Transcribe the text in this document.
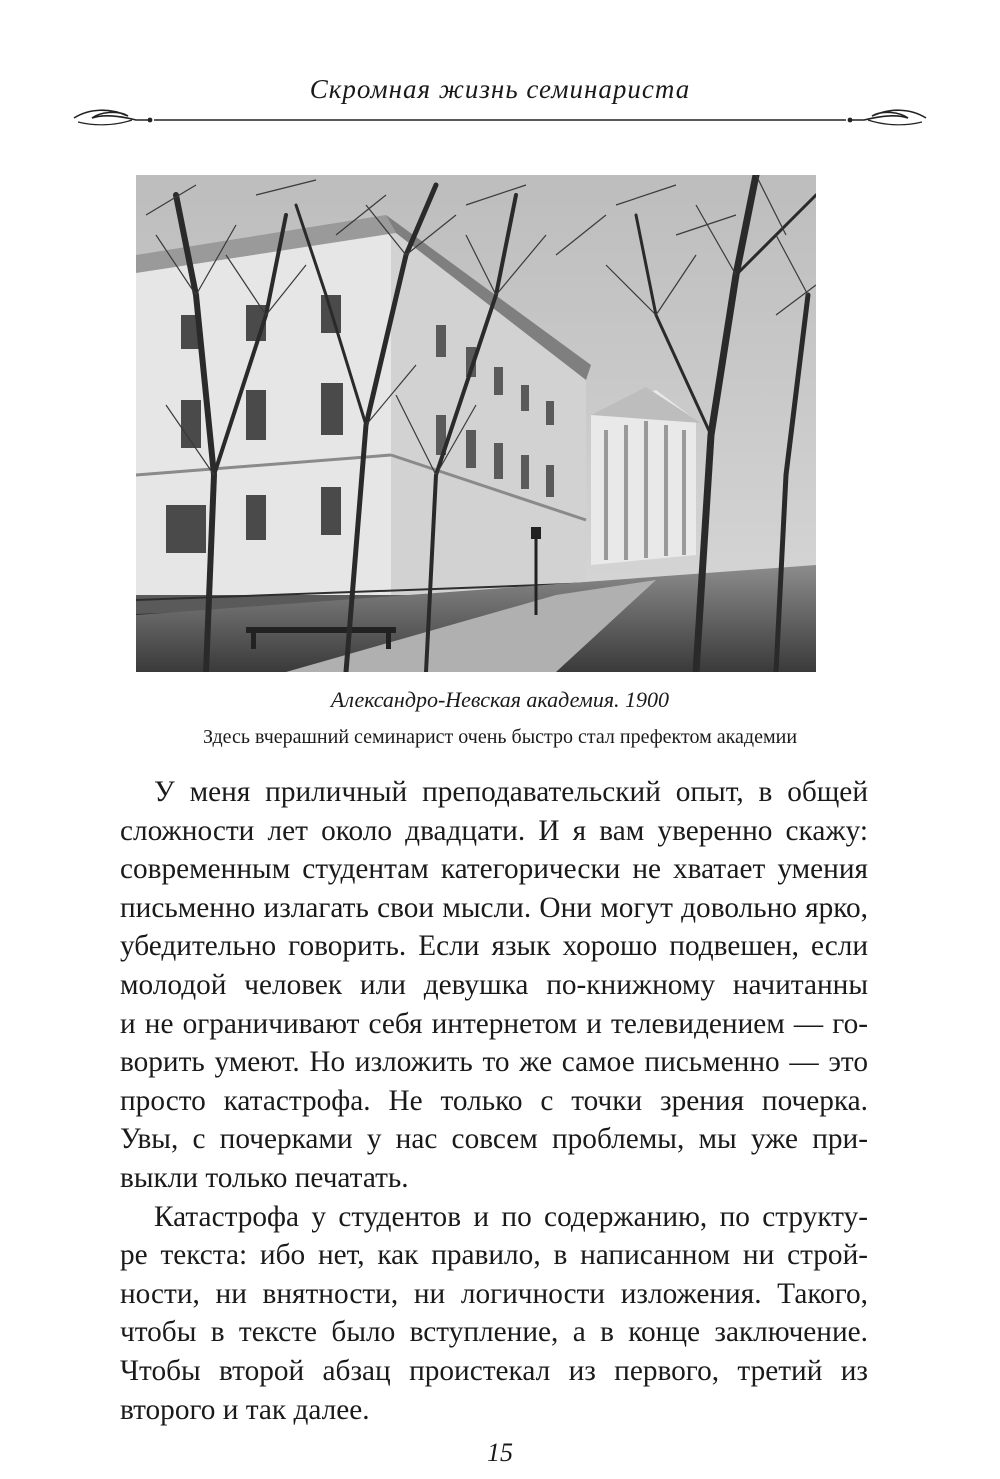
Скромная жизнь семинариста
Александро-Невская академия. 1900
Здесь вчерашний семинарист очень быстро стал префектом академии

У меня приличный преподавательский опыт, в общей
сложности лет около двадцати. И я вам уверенно скажу:
современным студентам категорически не хватает умения
письменно излагать свои мысли. Они могут довольно ярко,
убедительно говорить. Если язык хорошо подвешен, если
молодой человек или девушка по-книжному начитанны
и не ограничивают себя интернетом и телевидением — го-
ворить умеют. Но изложить то же самое письменно — это
просто катастрофа. Не только с точки зрения почерка.
Увы, с почерками у нас совсем проблемы, мы уже при-
выкли только печатать.

Катастрофа у студентов и по содержанию, по структу-
ре текста: ибо нет, как правило, в написанном ни строй-
ности, ни внятности, ни логичности изложения. Такого,
чтобы в тексте было вступление, а в конце заключение.
Чтобы второй абзац проистекал из первого, третий из
второго и так далее.

15
